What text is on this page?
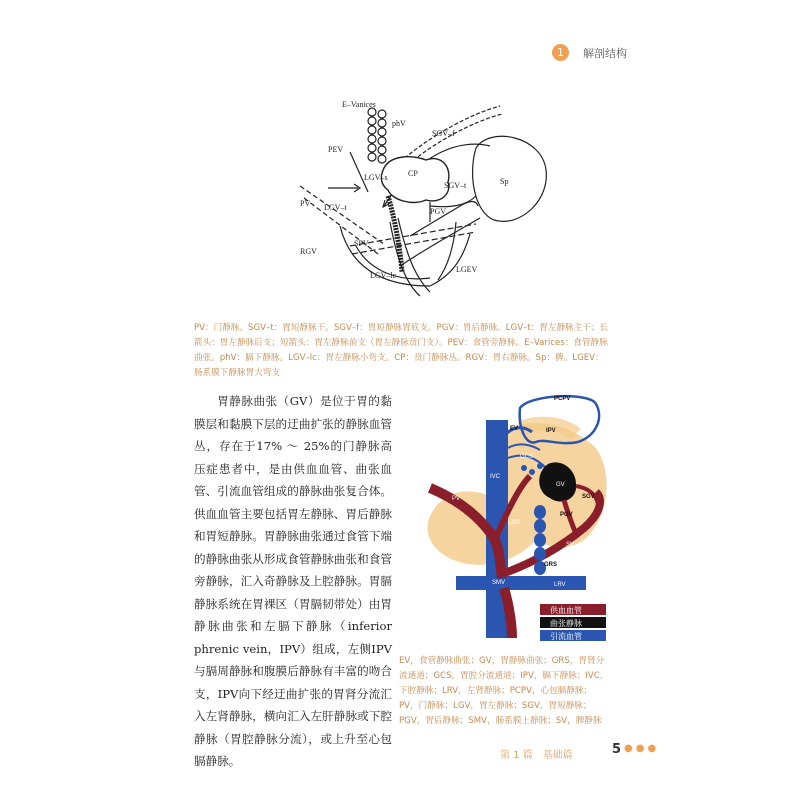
1	解剖结构
E–Vanices
phV
SGV–f
PEV
LGV–s	CP
SGV–t	Sp
PV LGV–t	PGV
SPV
RGV
LGV–lc
LGEV
PV：门静脉。SGV–t：胃短静脉干。SGV–f：胃短静脉胃底支。PGV：胃后静脉。LGV–t：胃左静脉主干；长箭头：胃左静脉后支；短箭头：胃左静脉前支（胃左静脉贲门支）。PEV：食管旁静脉。E–Varices：食管静脉曲张。phV：膈下静脉。LGV–lc：胃左静脉小弯支。CP：贲门静脉丛。RGV：胃右静脉。Sp：脾。LGEV：肠系膜下静脉胃大弯支
胃静脉曲张（GV）是位于胃的黏膜层和黏膜下层的迂曲扩张的静脉血管丛，存在于17% ～ 25%的门静脉高压症患者中，是由供血血管、曲张血管、引流血管组成的静脉曲张复合体。供血血管主要包括胃左静脉、胃后静脉和胃短静脉。胃静脉曲张通过食管下端的静脉曲张从形成食管静脉曲张和食管旁静脉，汇入奇静脉及上腔静脉。胃膈静脉系统在胃裸区（胃膈韧带处）由胃静脉曲张和左膈下静脉（inferior phrenic vein，IPV）组成，左侧IPV与膈周静脉和腹膜后静脉有丰富的吻合支，IPV向下经迂曲扩张的胃肾分流汇入左肾静脉，横向汇入左肝静脉或下腔静脉（胃腔静脉分流），或上升至心包膈静脉。
供血血管
曲张静脉
引流血管
PCPV
EV	IPV
GCS
IVC
GV
SGV
PV
LGV
PGV
SV
GRS
LRV
SMV
EV，食管静脉曲张；GV，胃静脉曲张；GRS，胃肾分流通道；GCS，胃腔分流通道；IPV，膈下静脉；IVC，下腔静脉；LRV，左肾静脉；PCPV，心包膈静脉；PV，门静脉；LGV，胃左静脉；SGV，胃短静脉；PGV，胃后静脉；SMV，肠系膜上静脉；SV，脾静脉
第 1 篇　基础篇	5 ●●●
